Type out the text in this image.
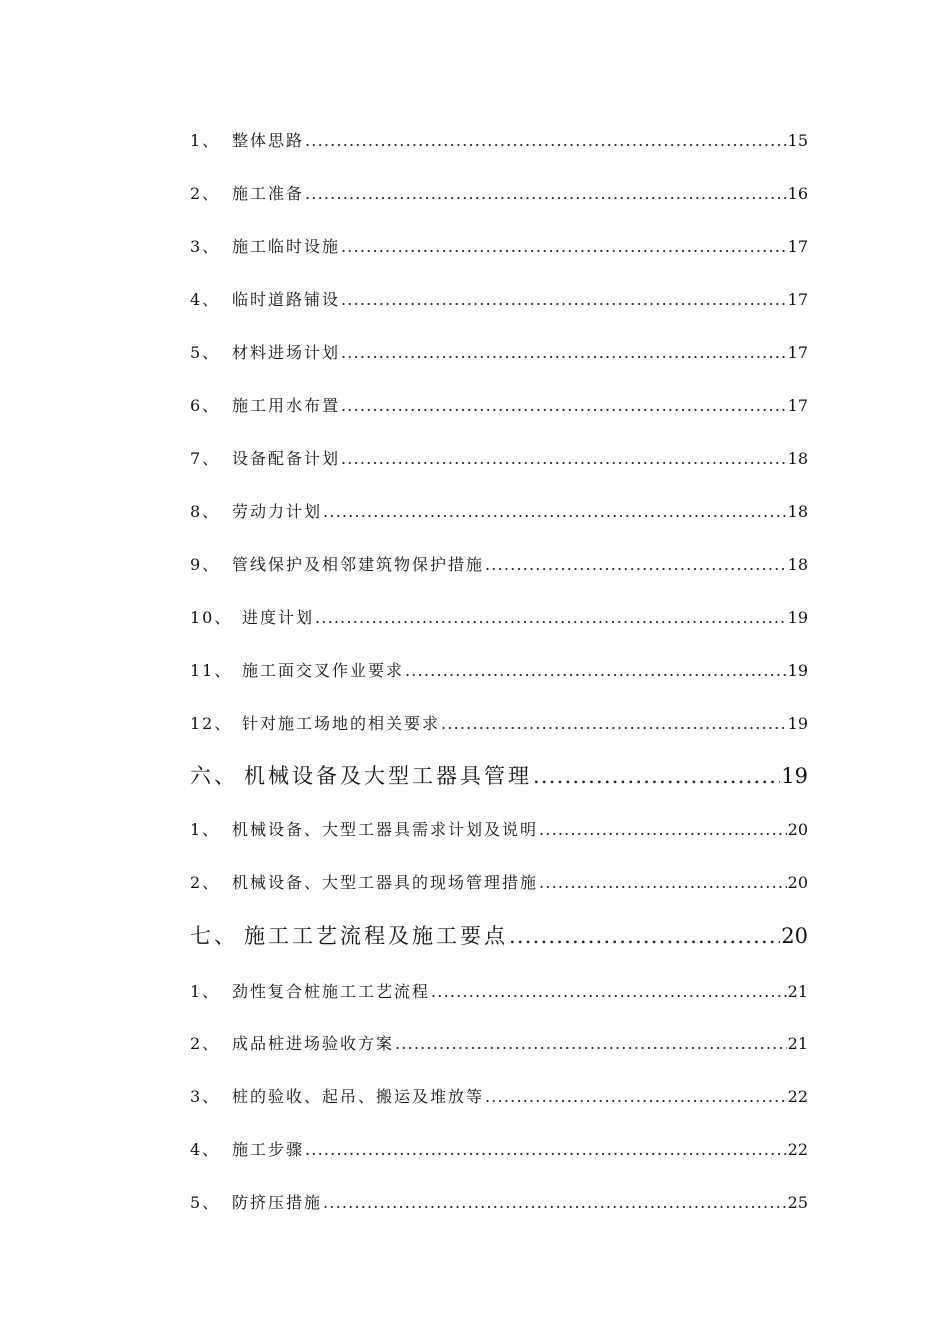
1、 整体思路 .....	15
2、 施工准备 .....	16
3、 施工临时设施 .....	17
4、 临时道路铺设 .....	17
5、 材料进场计划 .....	17
6、 施工用水布置 .....	17
7、 设备配备计划 .....	18
8、 劳动力计划 .....	18
9、 管线保护及相邻建筑物保护措施 .....	18
10、 进度计划 .....	19
11、 施工面交叉作业要求 .....	19
12、 针对施工场地的相关要求 .....	19
六、 机械设备及大型工器具管理 .....	19
1、 机械设备、大型工器具需求计划及说明 .....	20
2、 机械设备、大型工器具的现场管理措施 .....	20
七、 施工工艺流程及施工要点 .....	20
1、 劲性复合桩施工工艺流程 .....	21
2、 成品桩进场验收方案 .....	21
3、 桩的验收、起吊、搬运及堆放等 .....	22
4、 施工步骤 .....	22
5、 防挤压措施 .....	25
